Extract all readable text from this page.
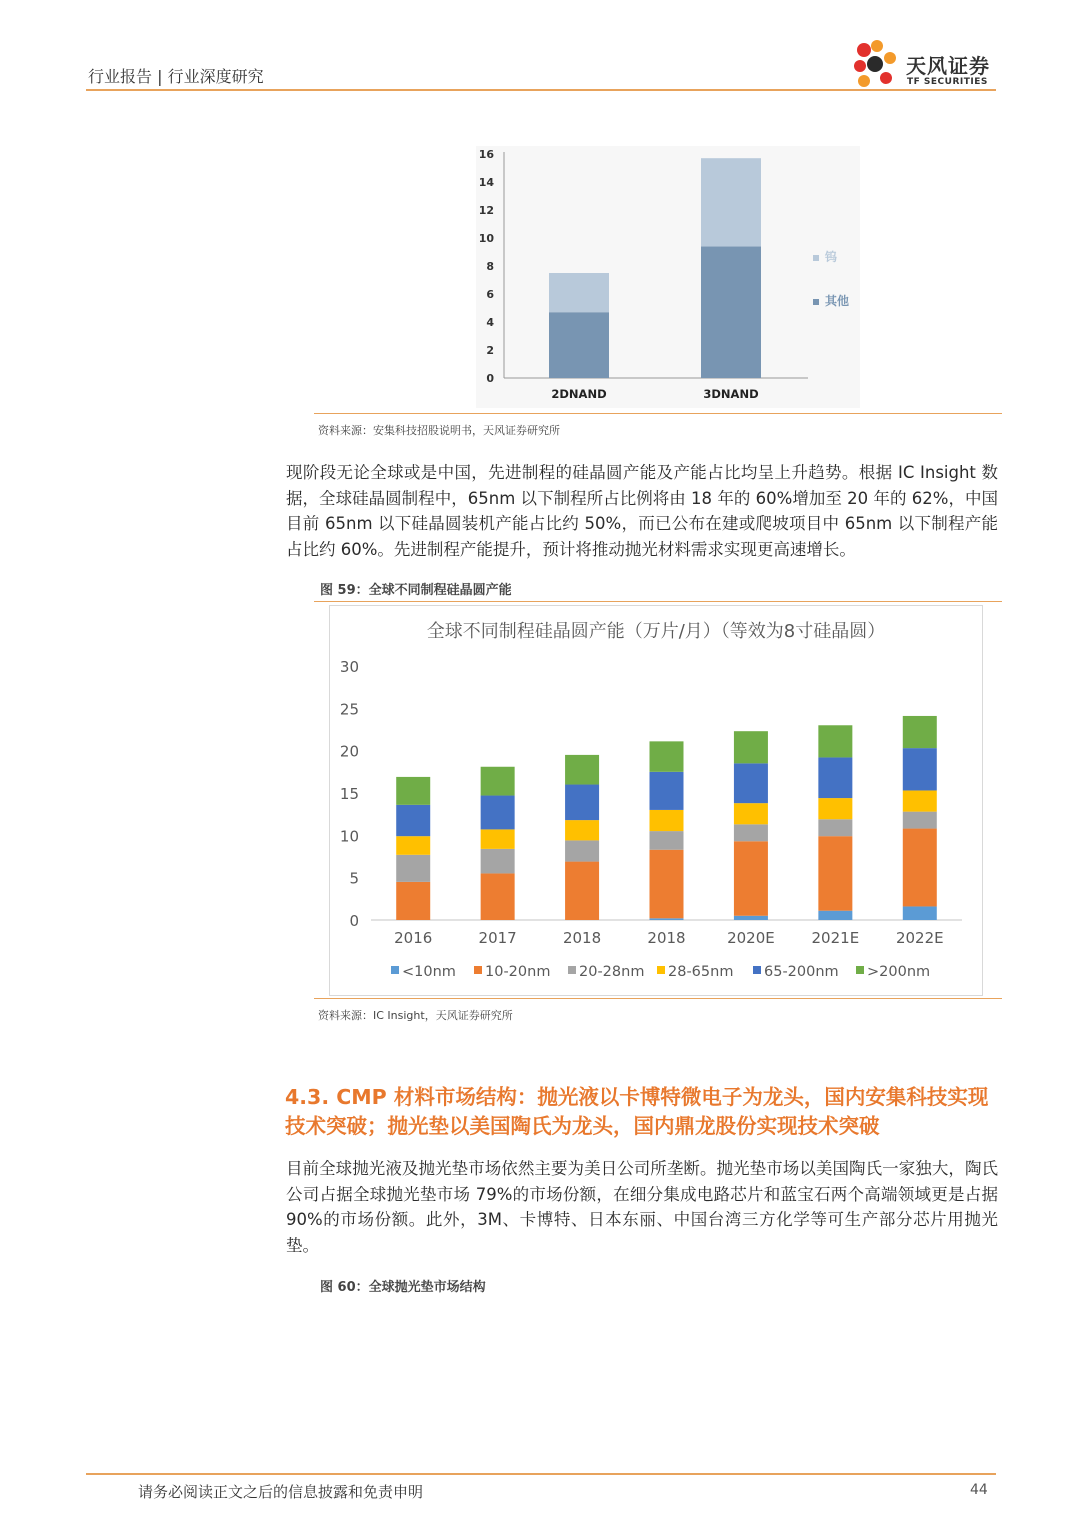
行业报告 | 行业深度研究	天风证券
TF SECURITIES
0
2
4
6
8
10
12
14
16
2DNAND	3DNAND
钨
其他
资料来源：安集科技招股说明书，天风证券研究所
现阶段无论全球或是中国，先进制程的硅晶圆产能及产能占比均呈上升趋势。根据 IC Insight 数据，全球硅晶圆制程中，65nm 以下制程所占比例将由 18 年的 60%增加至 20 年的 62%，中国目前 65nm 以下硅晶圆装机产能占比约 50%，而已公布在建或爬坡项目中 65nm 以下制程产能占比约 60%。先进制程产能提升，预计将推动抛光材料需求实现更高速增长。
图 59：全球不同制程硅晶圆产能
全球不同制程硅晶圆产能（万片/月）（等效为8寸硅晶圆）
0
5
10
15
20
25
30
2016	2017	2018	2018	2020E 2021E 2022E
<10nm 10-20nm 20-28nm 28-65nm 65-200nm >200nm
资料来源：IC Insight，天风证券研究所
4.3. CMP 材料市场结构：抛光液以卡博特微电子为龙头，国内安集科技实现技术突破；抛光垫以美国陶氏为龙头，国内鼎龙股份实现技术突破
目前全球抛光液及抛光垫市场依然主要为美日公司所垄断。抛光垫市场以美国陶氏一家独大，陶氏公司占据全球抛光垫市场 79%的市场份额，在细分集成电路芯片和蓝宝石两个高端领域更是占据 90%的市场份额。此外，3M、卡博特、日本东丽、中国台湾三方化学等可生产部分芯片用抛光垫。
图 60：全球抛光垫市场结构
请务必阅读正文之后的信息披露和免责申明	44
